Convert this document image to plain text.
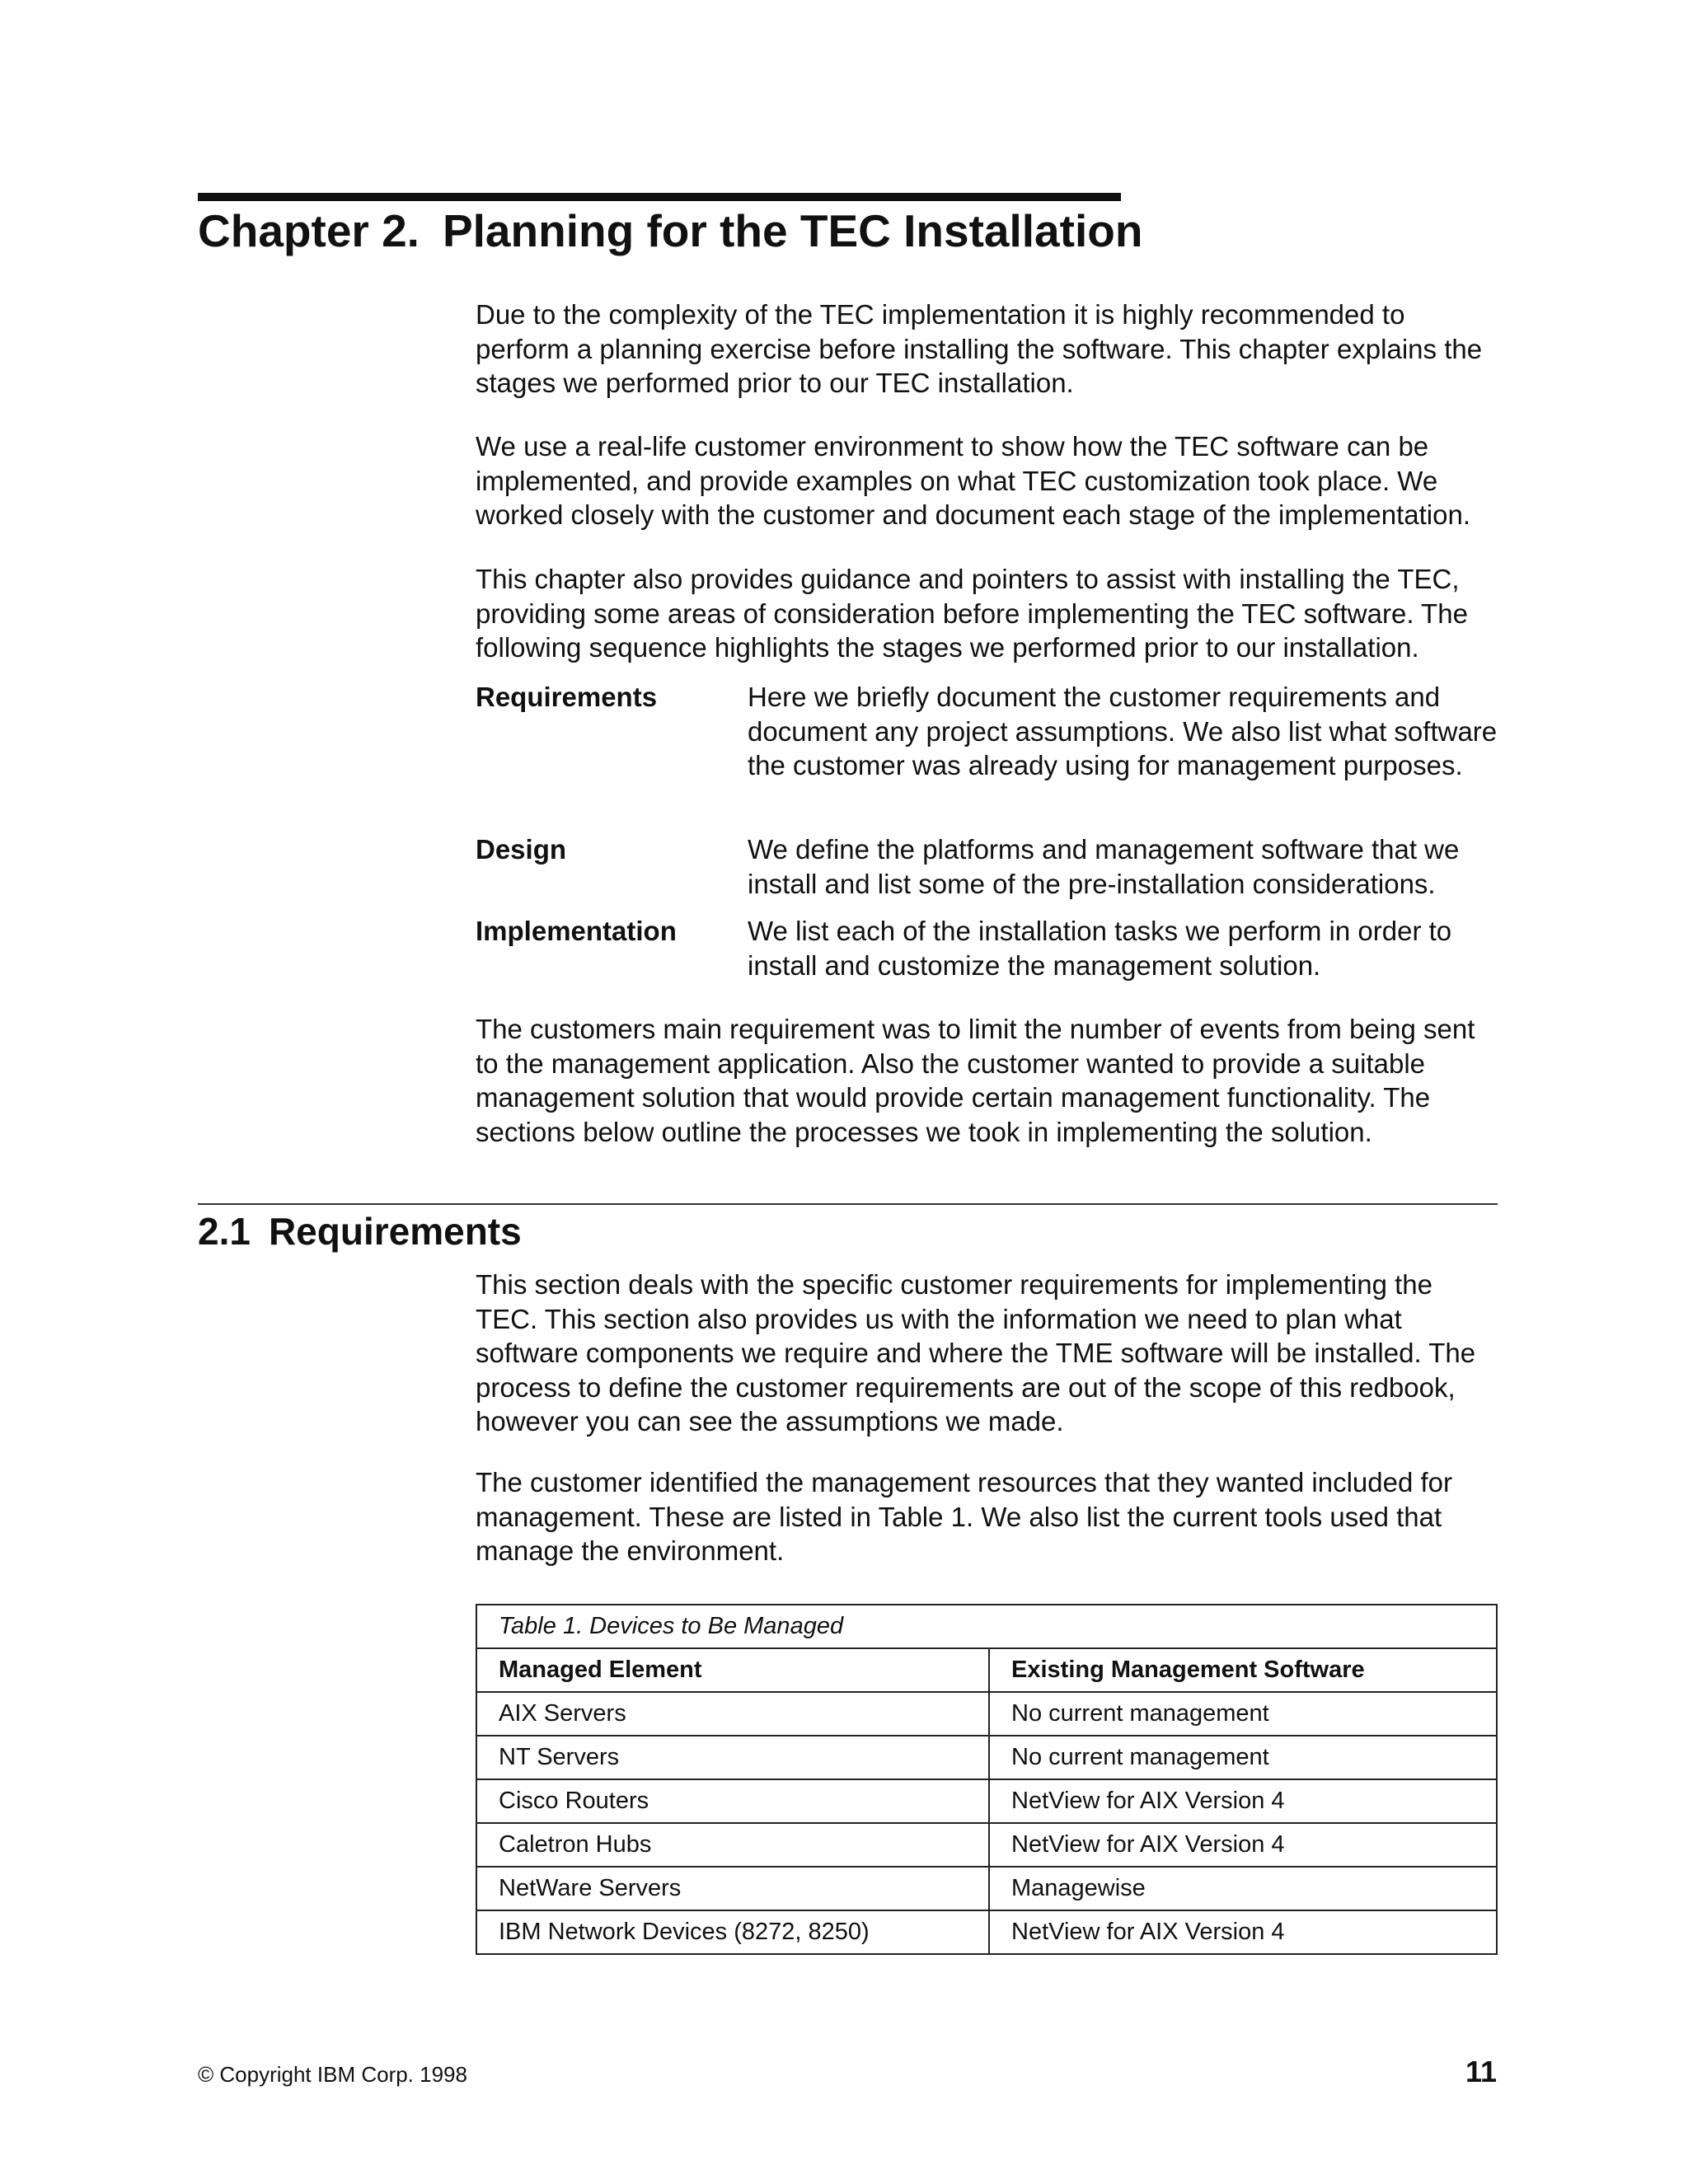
Chapter 2. Planning for the TEC Installation

Due to the complexity of the TEC implementation it is highly recommended to perform a planning exercise before installing the software. This chapter explains the stages we performed prior to our TEC installation.

We use a real-life customer environment to show how the TEC software can be implemented, and provide examples on what TEC customization took place. We worked closely with the customer and document each stage of the implementation.

This chapter also provides guidance and pointers to assist with installing the TEC, providing some areas of consideration before implementing the TEC software. The following sequence highlights the stages we performed prior to our installation.

Requirements	Here we briefly document the customer requirements and document any project assumptions. We also list what software the customer was already using for management purposes.
Design	We define the platforms and management software that we install and list some of the pre-installation considerations.
Implementation	We list each of the installation tasks we perform in order to install and customize the management solution.

The customers main requirement was to limit the number of events from being sent to the management application. Also the customer wanted to provide a suitable management solution that would provide certain management functionality. The sections below outline the processes we took in implementing the solution.

2.1 Requirements

This section deals with the specific customer requirements for implementing the TEC. This section also provides us with the information we need to plan what software components we require and where the TME software will be installed. The process to define the customer requirements are out of the scope of this redbook, however you can see the assumptions we made.

The customer identified the management resources that they wanted included for management. These are listed in Table 1. We also list the current tools used that manage the environment.

Table 1. Devices to Be Managed	
Managed Element	Existing Management Software
AIX Servers	No current management
NT Servers	No current management
Cisco Routers	NetView for AIX Version 4
Caletron Hubs	NetView for AIX Version 4
NetWare Servers	Managewise
IBM Network Devices (8272, 8250)	NetView for AIX Version 4
© Copyright IBM Corp. 1998	11
